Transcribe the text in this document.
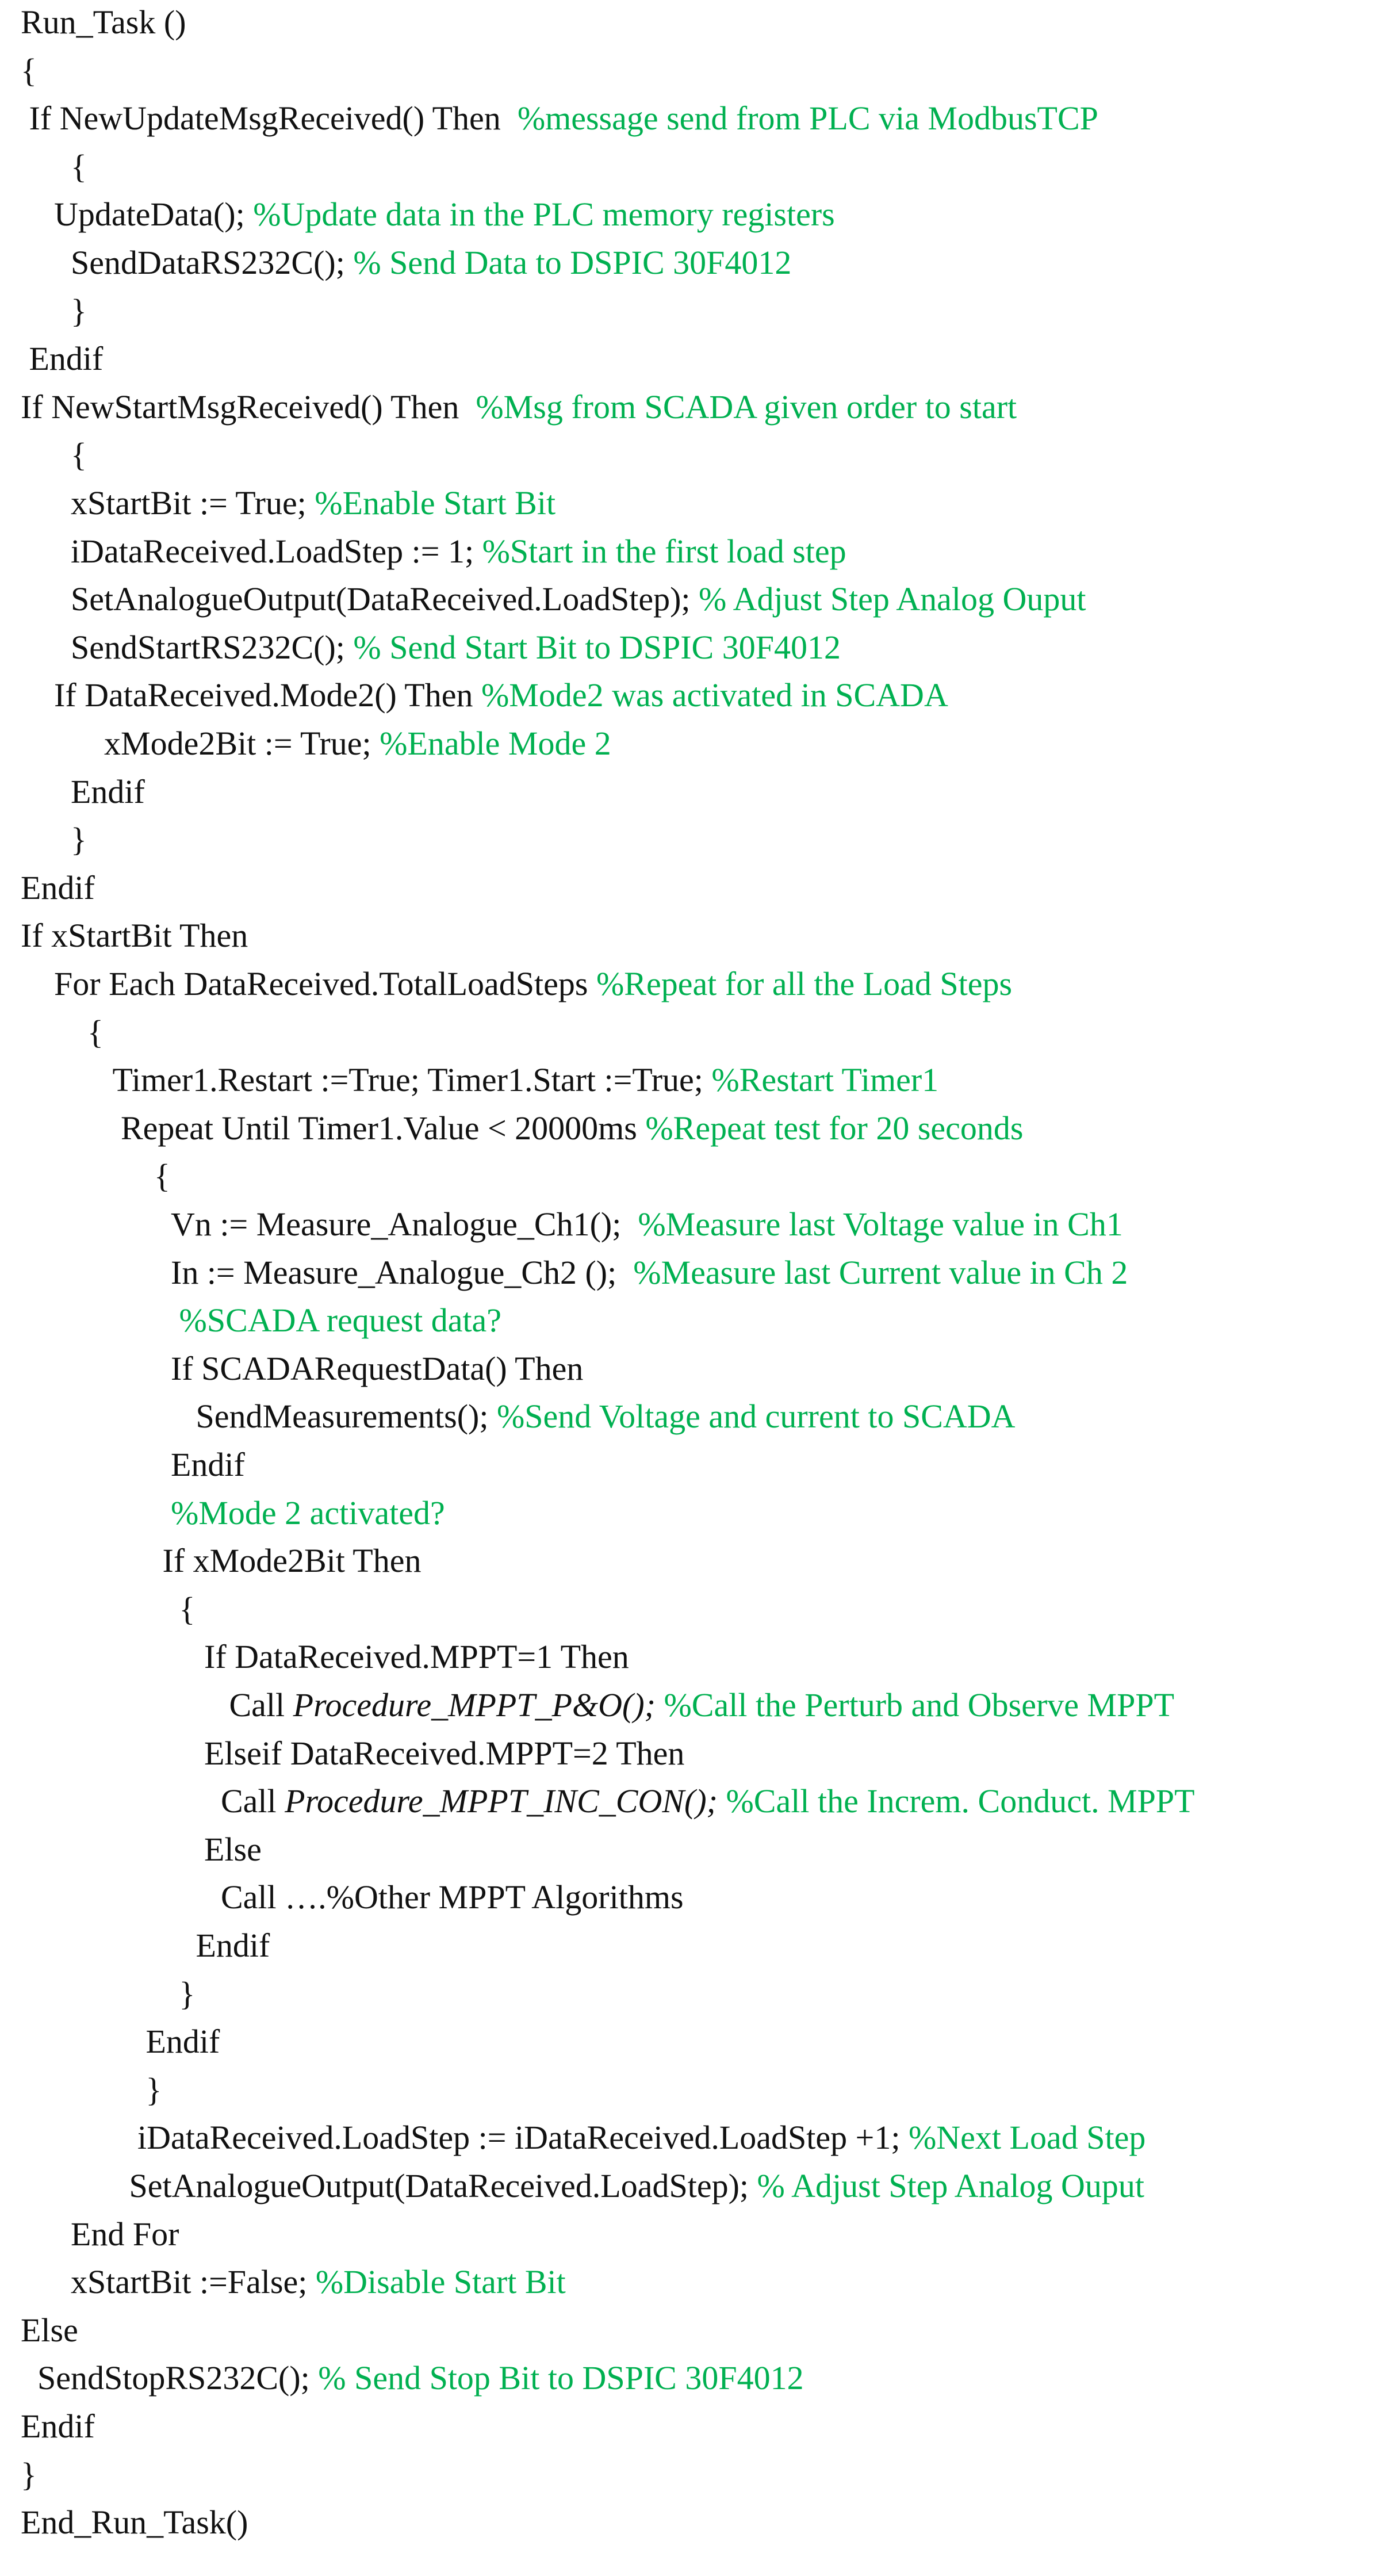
Run_Task ()
{
If NewUpdateMsgReceived() Then  %message send from PLC via ModbusTCP
{
UpdateData(); %Update data in the PLC memory registers
SendDataRS232C(); % Send Data to DSPIC 30F4012
}
Endif
If NewStartMsgReceived() Then  %Msg from SCADA given order to start
{
xStartBit := True; %Enable Start Bit
iDataReceived.LoadStep := 1; %Start in the first load step
SetAnalogueOutput(DataReceived.LoadStep); % Adjust Step Analog Ouput
SendStartRS232C(); % Send Start Bit to DSPIC 30F4012
If DataReceived.Mode2() Then %Mode2 was activated in SCADA
xMode2Bit := True; %Enable Mode 2
Endif
}
Endif
If xStartBit Then
For Each DataReceived.TotalLoadSteps %Repeat for all the Load Steps
{
Timer1.Restart :=True; Timer1.Start :=True; %Restart Timer1
Repeat Until Timer1.Value < 20000ms %Repeat test for 20 seconds
{
Vn := Measure_Analogue_Ch1();  %Measure last Voltage value in Ch1
In := Measure_Analogue_Ch2 ();  %Measure last Current value in Ch 2
%SCADA request data?
If SCADARequestData() Then
SendMeasurements(); %Send Voltage and current to SCADA
Endif
%Mode 2 activated?
If xMode2Bit Then
{
If DataReceived.MPPT=1 Then
Call Procedure_MPPT_P&O(); %Call the Perturb and Observe MPPT
Elseif DataReceived.MPPT=2 Then
Call Procedure_MPPT_INC_CON(); %Call the Increm. Conduct. MPPT
Else
Call ….%Other MPPT Algorithms
Endif
}
Endif
}
iDataReceived.LoadStep := iDataReceived.LoadStep +1; %Next Load Step
SetAnalogueOutput(DataReceived.LoadStep); % Adjust Step Analog Ouput
End For
xStartBit :=False; %Disable Start Bit
Else
SendStopRS232C(); % Send Stop Bit to DSPIC 30F4012
Endif
}
End_Run_Task()
